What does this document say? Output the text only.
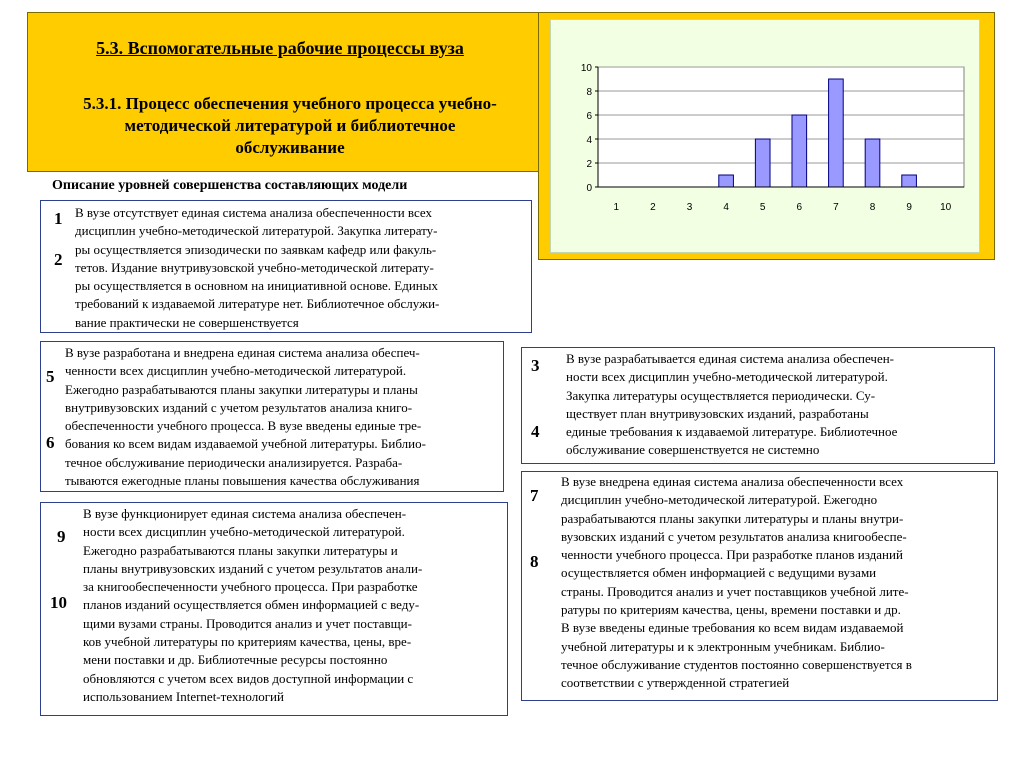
5.3. Вспомогательные рабочие процессы вуза
5.3.1. Процесс обеспечения учебного процесса учебно-
методической литературой и библиотечное
обслуживание
0
2
4
6
8
10
1	2	3	4	5	6	7	8	9	10
Описание уровней совершенства составляющих модели
1
2
В вузе отсутствует единая система анализа обеспеченности всех
дисциплин учебно-методической литературой. Закупка литерату-
ры осуществляется эпизодически по заявкам кафедр или факуль-
тетов. Издание внутривузовской учебно-методической литерату-
ры осуществляется в основном на инициативной основе. Единых
требований к издаваемой литературе нет. Библиотечное обслужи-
вание практически не совершенствуется
5
6
В вузе разработана и внедрена единая система анализа обеспеч-
ченности всех дисциплин учебно-методической литературой.
Ежегодно разрабатываются планы закупки литературы и планы
внутривузовских изданий с учетом результатов анализа книго-
обеспеченности учебного процесса. В вузе введены единые тре-
бования ко всем видам издаваемой учебной литературы. Библио-
течное обслуживание периодически анализируется. Разраба-
тываются ежегодные планы повышения качества обслуживания
3
4
В вузе разрабатывается единая система анализа обеспечен-
ности всех дисциплин учебно-методической литературой.
Закупка литературы осуществляется периодически. Су-
ществует план внутривузовских изданий, разработаны
единые требования к издаваемой литературе. Библиотечное
обслуживание совершенствуется не системно
7
8
В вузе внедрена единая система анализа обеспеченности всех
дисциплин учебно-методической литературой. Ежегодно
разрабатываются планы закупки литературы и планы внутри-
вузовских изданий с учетом результатов анализа книгообеспе-
ченности учебного процесса. При разработке планов изданий
осуществляется обмен информацией с ведущими вузами
страны. Проводится анализ и учет поставщиков учебной лите-
ратуры по критериям качества, цены, времени поставки и др.
В вузе введены единые требования ко всем видам издаваемой
учебной литературы и к электронным учебникам. Библио-
течное обслуживание студентов постоянно совершенствуется в
соответствии с утвержденной стратегией
9
10
В вузе функционирует единая система анализа обеспечен-
ности всех дисциплин учебно-методической литературой.
Ежегодно разрабатываются планы закупки литературы и
планы внутривузовских изданий с учетом результатов анали-
за книгообеспеченности учебного процесса. При разработке
планов изданий осуществляется обмен информацией с веду-
щими вузами страны. Проводится анализ и учет поставщи-
ков учебной литературы по критериям качества, цены, вре-
мени поставки и др. Библиотечные ресурсы постоянно
обновляются с учетом всех видов доступной информации с
использованием Internet-технологий
